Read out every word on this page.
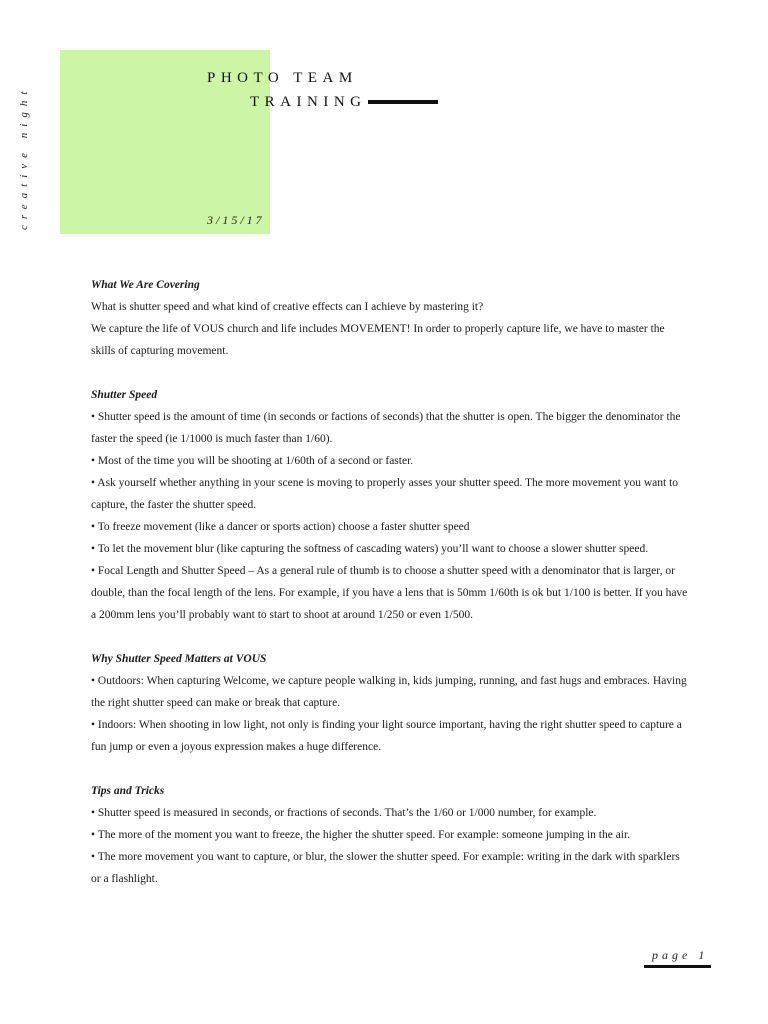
creative night
PHOTO TEAM
TRAINING
3/15/17

What We Are Covering

What is shutter speed and what kind of creative effects can I achieve by mastering it?

We capture the life of VOUS church and life includes MOVEMENT! In order to properly capture life, we have to master the skills of capturing movement.

Shutter Speed

• Shutter speed is the amount of time (in seconds or factions of seconds) that the shutter is open. The bigger the denominator the faster the speed (ie 1/1000 is much faster than 1/60).

• Most of the time you will be shooting at 1/60th of a second or faster.

• Ask yourself whether anything in your scene is moving to properly asses your shutter speed. The more movement you want to capture, the faster the shutter speed.

• To freeze movement (like a dancer or sports action) choose a faster shutter speed

• To let the movement blur (like capturing the softness of cascading waters) you’ll want to choose a slower shutter speed.

• Focal Length and Shutter Speed – As a general rule of thumb is to choose a shutter speed with a denominator that is larger, or double, than the focal length of the lens. For example, if you have a lens that is 50mm 1/60th is ok but 1/100 is better. If you have a 200mm lens you’ll probably want to start to shoot at around 1/250 or even 1/500.

Why Shutter Speed Matters at VOUS

• Outdoors: When capturing Welcome, we capture people walking in, kids jumping, running, and fast hugs and embraces. Having the right shutter speed can make or break that capture.

• Indoors: When shooting in low light, not only is finding your light source important, having the right shutter speed to capture a fun jump or even a joyous expression makes a huge difference.

Tips and Tricks

• Shutter speed is measured in seconds, or fractions of seconds. That’s the 1/60 or 1/000 number, for example.

• The more of the moment you want to freeze, the higher the shutter speed. For example: someone jumping in the air.

• The more movement you want to capture, or blur, the slower the shutter speed. For example: writing in the dark with sparklers or a flashlight.

page 1
